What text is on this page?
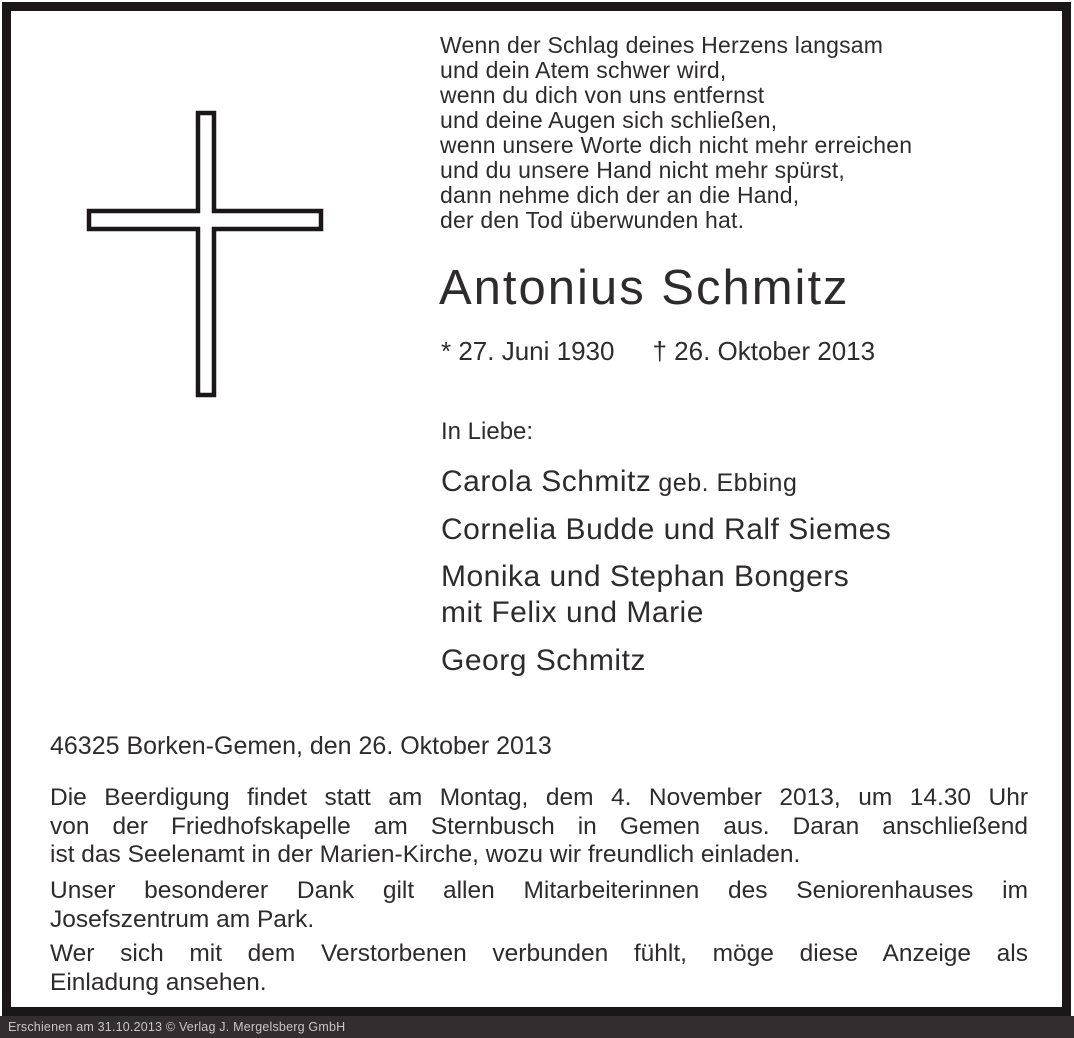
Wenn der Schlag deines Herzens langsam
und dein Atem schwer wird,
wenn du dich von uns entfernst
und deine Augen sich schließen,
wenn unsere Worte dich nicht mehr erreichen
und du unsere Hand nicht mehr spürst,
dann nehme dich der an die Hand,
der den Tod überwunden hat.
Antonius Schmitz
* 27. Juni 1930 † 26. Oktober 2013
In Liebe:
Carola Schmitz geb. Ebbing
Cornelia Budde und Ralf Siemes
Monika und Stephan Bongers
mit Felix und Marie
Georg Schmitz
46325 Borken-Gemen, den 26. Oktober 2013
Die Beerdigung findet statt am Montag, dem 4. November 2013, um 14.30 Uhr
von der Friedhofskapelle am Sternbusch in Gemen aus. Daran anschließend
ist das Seelenamt in der Marien-Kirche, wozu wir freundlich einladen.
Unser besonderer Dank gilt allen Mitarbeiterinnen des Seniorenhauses im
Josefszentrum am Park.
Wer sich mit dem Verstorbenen verbunden fühlt, möge diese Anzeige als
Einladung ansehen.
Erschienen am 31.10.2013 © Verlag J. Mergelsberg GmbH
